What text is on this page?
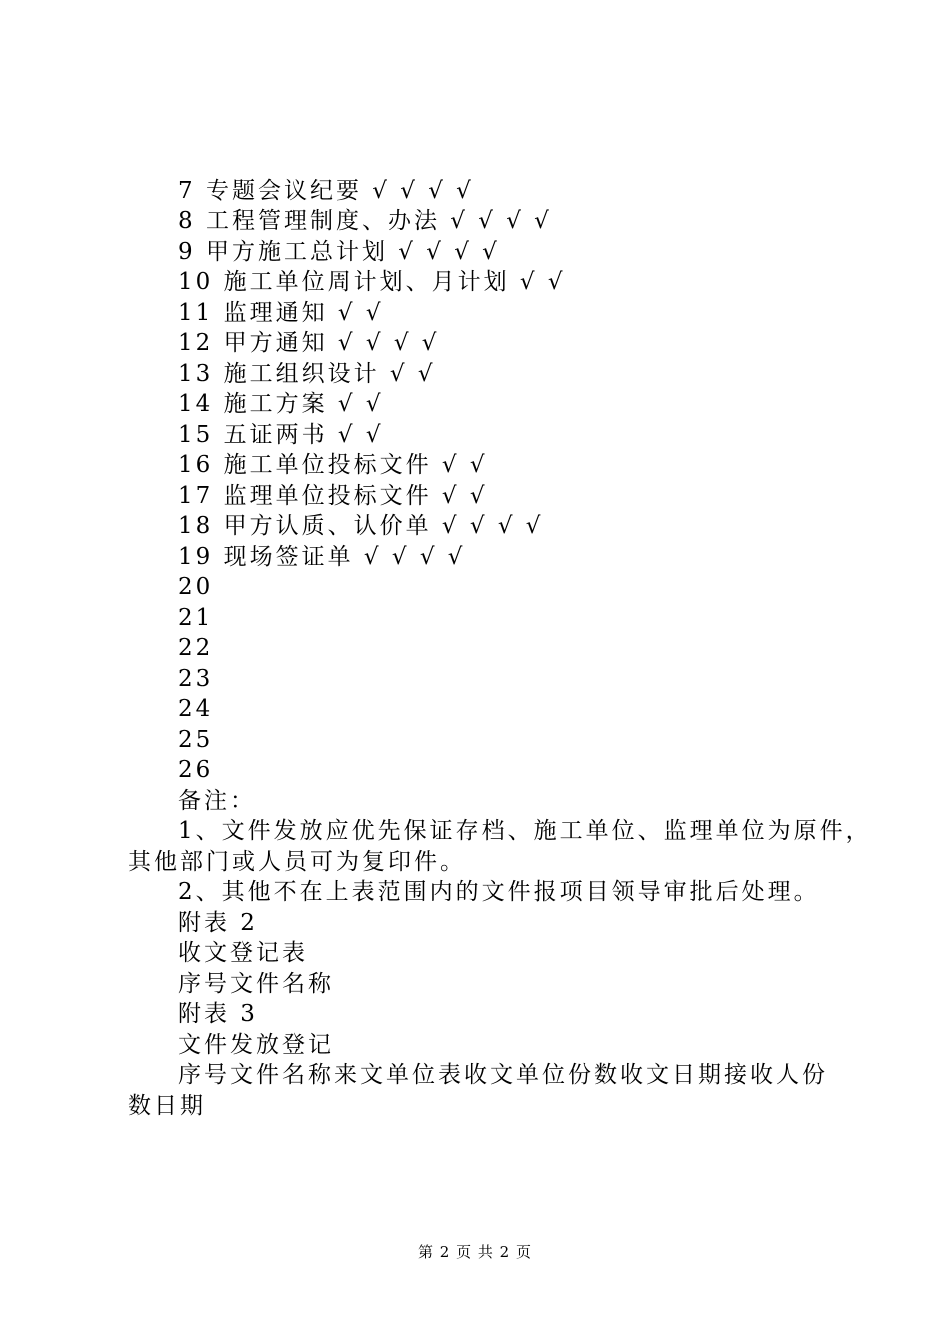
7 专题会议纪要 √ √ √ √
8 工程管理制度、办法 √ √ √ √
9 甲方施工总计划 √ √ √ √
10 施工单位周计划、月计划 √ √
11 监理通知 √ √
12 甲方通知 √ √ √ √
13 施工组织设计 √ √
14 施工方案 √ √
15 五证两书 √ √
16 施工单位投标文件 √ √
17 监理单位投标文件 √ √
18 甲方认质、认价单 √ √ √ √
19 现场签证单 √ √ √ √
20
21
22
23
24
25
26
备注：
1、文件发放应优先保证存档、施工单位、监理单位为原件，
其他部门或人员可为复印件。
2、其他不在上表范围内的文件报项目领导审批后处理。
附表 2
收文登记表
序号文件名称
附表 3
文件发放登记
序号文件名称来文单位表收文单位份数收文日期接收人份
数日期
第 2 页 共 2 页
